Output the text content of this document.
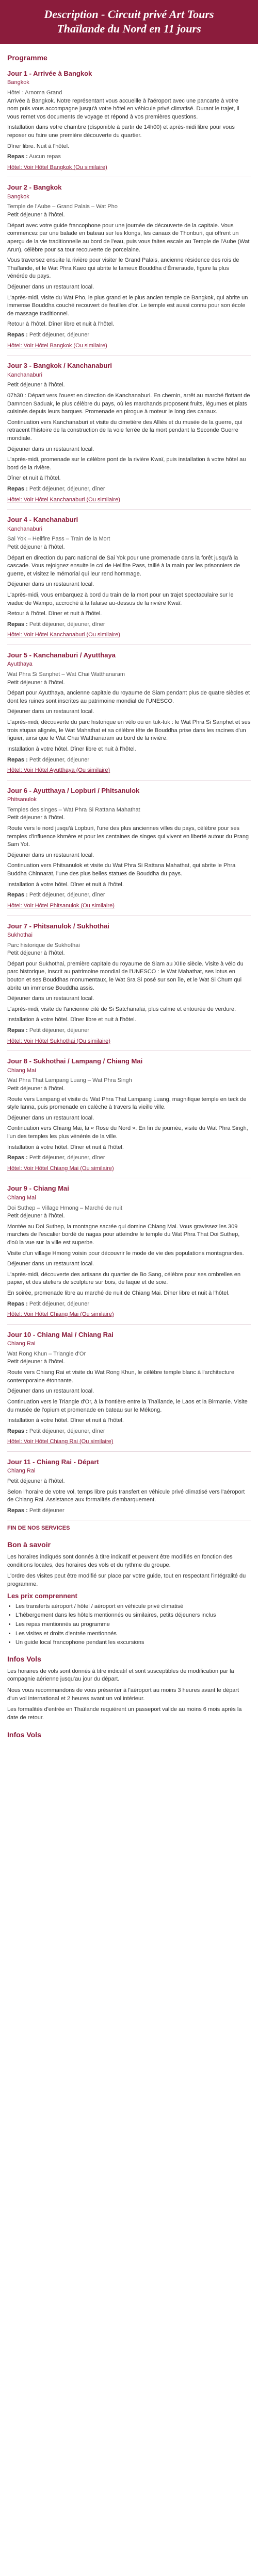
Description - Circuit privé Art Tours
Thaïlande du Nord en 11 jours
Programme
Jour 1 - Arrivée à Bangkok
Bangkok
Hôtel : Arnoma Grand

Arrivée à Bangkok. Notre représentant vous accueille à l'aéroport avec une pancarte à votre nom puis vous accompagne jusqu'à votre hôtel en véhicule privé climatisé. Durant le trajet, il vous remet vos documents de voyage et répond à vos premières questions.

Installation dans votre chambre (disponible à partir de 14h00) et après-midi libre pour vous reposer ou faire une première découverte du quartier.

Dîner libre. Nuit à l'hôtel.

Repas : Aucun repas
Hôtel: Voir Hôtel Bangkok (Ou similaire)
Jour 2 - Bangkok
Bangkok
Temple de l'Aube – Grand Palais – Wat Pho

Petit déjeuner à l'hôtel.

Départ avec votre guide francophone pour une journée de découverte de la capitale. Vous commencez par une balade en bateau sur les klongs, les canaux de Thonburi, qui offrent un aperçu de la vie traditionnelle au bord de l'eau, puis vous faites escale au Temple de l'Aube (Wat Arun), célèbre pour sa tour recouverte de porcelaine.

Vous traversez ensuite la rivière pour visiter le Grand Palais, ancienne résidence des rois de Thaïlande, et le Wat Phra Kaeo qui abrite le fameux Bouddha d'Émeraude, figure la plus vénérée du pays.

Déjeuner dans un restaurant local.

L'après-midi, visite du Wat Pho, le plus grand et le plus ancien temple de Bangkok, qui abrite un immense Bouddha couché recouvert de feuilles d'or. Le temple est aussi connu pour son école de massage traditionnel.

Retour à l'hôtel. Dîner libre et nuit à l'hôtel.

Repas : Petit déjeuner, déjeuner
Hôtel: Voir Hôtel Bangkok (Ou similaire)
Jour 3 - Bangkok / Kanchanaburi
Kanchanaburi

Petit déjeuner à l'hôtel.

07h30 : Départ vers l'ouest en direction de Kanchanaburi. En chemin, arrêt au marché flottant de Damnoen Saduak, le plus célèbre du pays, où les marchands proposent fruits, légumes et plats cuisinés depuis leurs barques. Promenade en pirogue à moteur le long des canaux.

Continuation vers Kanchanaburi et visite du cimetière des Alliés et du musée de la guerre, qui retracent l'histoire de la construction de la voie ferrée de la mort pendant la Seconde Guerre mondiale.

Déjeuner dans un restaurant local.

L'après-midi, promenade sur le célèbre pont de la rivière Kwaï, puis installation à votre hôtel au bord de la rivière.

Dîner et nuit à l'hôtel.

Repas : Petit déjeuner, déjeuner, dîner
Hôtel: Voir Hôtel Kanchanaburi (Ou similaire)
Jour 4 - Kanchanaburi
Kanchanaburi
Sai Yok – Hellfire Pass – Train de la Mort

Petit déjeuner à l'hôtel.

Départ en direction du parc national de Sai Yok pour une promenade dans la forêt jusqu'à la cascade. Vous rejoignez ensuite le col de Hellfire Pass, taillé à la main par les prisonniers de guerre, et visitez le mémorial qui leur rend hommage.

Déjeuner dans un restaurant local.

L'après-midi, vous embarquez à bord du train de la mort pour un trajet spectaculaire sur le viaduc de Wampo, accroché à la falaise au-dessus de la rivière Kwaï.

Retour à l'hôtel. Dîner et nuit à l'hôtel.

Repas : Petit déjeuner, déjeuner, dîner
Hôtel: Voir Hôtel Kanchanaburi (Ou similaire)
Jour 5 - Kanchanaburi / Ayutthaya
Ayutthaya
Wat Phra Si Sanphet – Wat Chai Watthanaram

Petit déjeuner à l'hôtel.

Départ pour Ayutthaya, ancienne capitale du royaume de Siam pendant plus de quatre siècles et dont les ruines sont inscrites au patrimoine mondial de l'UNESCO.

Déjeuner dans un restaurant local.

L'après-midi, découverte du parc historique en vélo ou en tuk-tuk : le Wat Phra Si Sanphet et ses trois stupas alignés, le Wat Mahathat et sa célèbre tête de Bouddha prise dans les racines d'un figuier, ainsi que le Wat Chai Watthanaram au bord de la rivière.

Installation à votre hôtel. Dîner libre et nuit à l'hôtel.

Repas : Petit déjeuner, déjeuner
Hôtel: Voir Hôtel Ayutthaya (Ou similaire)
Jour 6 - Ayutthaya / Lopburi / Phitsanulok
Phitsanulok
Temples des singes – Wat Phra Si Rattana Mahathat

Petit déjeuner à l'hôtel.

Route vers le nord jusqu'à Lopburi, l'une des plus anciennes villes du pays, célèbre pour ses temples d'influence khmère et pour les centaines de singes qui vivent en liberté autour du Prang Sam Yot.

Déjeuner dans un restaurant local.

Continuation vers Phitsanulok et visite du Wat Phra Si Rattana Mahathat, qui abrite le Phra Buddha Chinnarat, l'une des plus belles statues de Bouddha du pays.

Installation à votre hôtel. Dîner et nuit à l'hôtel.

Repas : Petit déjeuner, déjeuner, dîner
Hôtel: Voir Hôtel Phitsanulok (Ou similaire)
Jour 7 - Phitsanulok / Sukhothai
Sukhothai
Parc historique de Sukhothai

Petit déjeuner à l'hôtel.

Départ pour Sukhothai, première capitale du royaume de Siam au XIIIe siècle. Visite à vélo du parc historique, inscrit au patrimoine mondial de l'UNESCO : le Wat Mahathat, ses lotus en bouton et ses Bouddhas monumentaux, le Wat Sra Si posé sur son île, et le Wat Si Chum qui abrite un immense Bouddha assis.

Déjeuner dans un restaurant local.

L'après-midi, visite de l'ancienne cité de Si Satchanalai, plus calme et entourée de verdure.

Installation à votre hôtel. Dîner libre et nuit à l'hôtel.

Repas : Petit déjeuner, déjeuner
Hôtel: Voir Hôtel Sukhothai (Ou similaire)
Jour 8 - Sukhothai / Lampang / Chiang Mai
Chiang Mai
Wat Phra That Lampang Luang – Wat Phra Singh

Petit déjeuner à l'hôtel.

Route vers Lampang et visite du Wat Phra That Lampang Luang, magnifique temple en teck de style lanna, puis promenade en calèche à travers la vieille ville.

Déjeuner dans un restaurant local.

Continuation vers Chiang Mai, la « Rose du Nord ». En fin de journée, visite du Wat Phra Singh, l'un des temples les plus vénérés de la ville.

Installation à votre hôtel. Dîner et nuit à l'hôtel.

Repas : Petit déjeuner, déjeuner, dîner
Hôtel: Voir Hôtel Chiang Mai (Ou similaire)
Jour 9 - Chiang Mai
Chiang Mai
Doi Suthep – Village Hmong – Marché de nuit

Petit déjeuner à l'hôtel.

Montée au Doi Suthep, la montagne sacrée qui domine Chiang Mai. Vous gravissez les 309 marches de l'escalier bordé de nagas pour atteindre le temple du Wat Phra That Doi Suthep, d'où la vue sur la ville est superbe.

Visite d'un village Hmong voisin pour découvrir le mode de vie des populations montagnardes.

Déjeuner dans un restaurant local.

L'après-midi, découverte des artisans du quartier de Bo Sang, célèbre pour ses ombrelles en papier, et des ateliers de sculpture sur bois, de laque et de soie.

En soirée, promenade libre au marché de nuit de Chiang Mai. Dîner libre et nuit à l'hôtel.

Repas : Petit déjeuner, déjeuner
Hôtel: Voir Hôtel Chiang Mai (Ou similaire)
Jour 10 - Chiang Mai / Chiang Rai
Chiang Rai
Wat Rong Khun – Triangle d'Or

Petit déjeuner à l'hôtel.

Route vers Chiang Rai et visite du Wat Rong Khun, le célèbre temple blanc à l'architecture contemporaine étonnante.

Déjeuner dans un restaurant local.

Continuation vers le Triangle d'Or, à la frontière entre la Thaïlande, le Laos et la Birmanie. Visite du musée de l'opium et promenade en bateau sur le Mékong.

Installation à votre hôtel. Dîner et nuit à l'hôtel.

Repas : Petit déjeuner, déjeuner, dîner
Hôtel: Voir Hôtel Chiang Rai (Ou similaire)
Jour 11 - Chiang Rai - Départ
Chiang Rai

Petit déjeuner à l'hôtel.

Selon l'horaire de votre vol, temps libre puis transfert en véhicule privé climatisé vers l'aéroport de Chiang Rai. Assistance aux formalités d'embarquement.

Repas : Petit déjeuner
FIN DE NOS SERVICES
Bon à savoir

Les horaires indiqués sont donnés à titre indicatif et peuvent être modifiés en fonction des conditions locales, des horaires des vols et du rythme du groupe.

L'ordre des visites peut être modifié sur place par votre guide, tout en respectant l'intégralité du programme.

Les prix comprennent
• Les transferts aéroport / hôtel / aéroport en véhicule privé climatisé
• L'hébergement dans les hôtels mentionnés ou similaires, petits déjeuners inclus
• Les repas mentionnés au programme
• Les visites et droits d'entrée mentionnés
• Un guide local francophone pendant les excursions
Infos Vols

Les horaires de vols sont donnés à titre indicatif et sont susceptibles de modification par la compagnie aérienne jusqu'au jour du départ.

Nous vous recommandons de vous présenter à l'aéroport au moins 3 heures avant le départ d'un vol international et 2 heures avant un vol intérieur.

Les formalités d'entrée en Thaïlande requièrent un passeport valide au moins 6 mois après la date de retour.

Infos Vols
